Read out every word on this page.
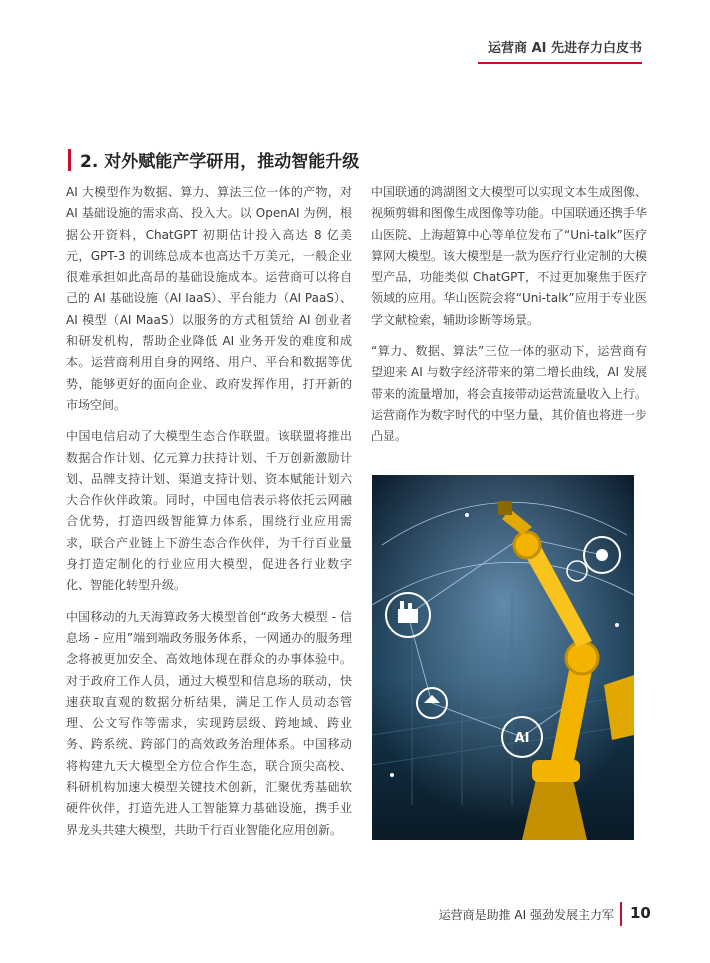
运营商 AI 先进存力白皮书
2. 对外赋能产学研用，推动智能升级

AI 大模型作为数据、算力、算法三位一体的产物，对 AI 基础设施的需求高、投入大。以 OpenAI 为例，根据公开资料，ChatGPT 初期估计投入高达 8 亿美元，GPT-3 的训练总成本也高达千万美元，一般企业很难承担如此高昂的基础设施成本。运营商可以将自己的 AI 基础设施（AI IaaS）、平台能力（AI PaaS）、AI 模型（AI MaaS）以服务的方式租赁给 AI 创业者和研发机构，帮助企业降低 AI 业务开发的难度和成本。运营商利用自身的网络、用户、平台和数据等优势，能够更好的面向企业、政府发挥作用，打开新的市场空间。

中国电信启动了大模型生态合作联盟。该联盟将推出数据合作计划、亿元算力扶持计划、千万创新激励计划、品牌支持计划、渠道支持计划、资本赋能计划六大合作伙伴政策。同时，中国电信表示将依托云网融合优势，打造四级智能算力体系，围绕行业应用需求，联合产业链上下游生态合作伙伴，为千行百业量身打造定制化的行业应用大模型，促进各行业数字化、智能化转型升级。

中国移动的九天海算政务大模型首创“政务大模型 - 信息场 - 应用”端到端政务服务体系，一网通办的服务理念将被更加安全、高效地体现在群众的办事体验中。对于政府工作人员，通过大模型和信息场的联动，快速获取直观的数据分析结果，满足工作人员动态管理、公文写作等需求，实现跨层级、跨地域、跨业务、跨系统、跨部门的高效政务治理体系。中国移动将构建九天大模型全方位合作生态，联合顶尖高校、科研机构加速大模型关键技术创新，汇聚优秀基础软硬件伙伴，打造先进人工智能算力基础设施，携手业界龙头共建大模型，共助千行百业智能化应用创新。

中国联通的鸿湖图文大模型可以实现文本生成图像、视频剪辑和图像生成图像等功能。中国联通还携手华山医院、上海超算中心等单位发布了“Uni-talk”医疗算网大模型。该大模型是一款为医疗行业定制的大模型产品，功能类似 ChatGPT，不过更加聚焦于医疗领域的应用。华山医院会将“Uni-talk”应用于专业医学文献检索，辅助诊断等场景。

“算力、数据、算法”三位一体的驱动下，运营商有望迎来 AI 与数字经济带来的第二增长曲线，AI 发展带来的流量增加，将会直接带动运营流量收入上行。运营商作为数字时代的中坚力量，其价值也将进一步凸显。

AI
运营商是助推 AI 强劲发展主力军 10
